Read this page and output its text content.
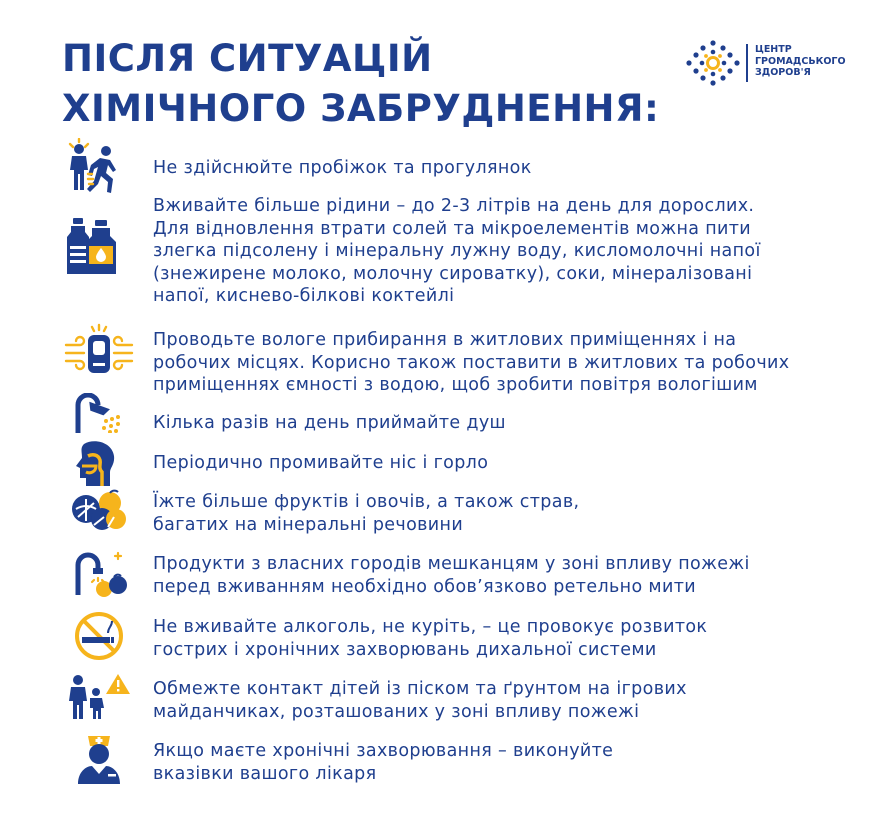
ПІСЛЯ СИТУАЦІЙ
ХІМІЧНОГО ЗАБРУДНЕННЯ:
ЦЕНТР
ГРОМАДСЬКОГО
ЗДОРОВ'Я
Не здійснюйте пробіжок та прогулянок
Вживайте більше рідини – до 2-3 літрів на день для дорослих.
Для відновлення втрати солей та мікроелементів можна пити
злегка підсолену і мінеральну лужну воду, кисломолочні напої
(знежирене молоко, молочну сироватку), соки, мінералізовані
напої, киснево-білкові коктейлі
Проводьте вологе прибирання в житлових приміщеннях і на
робочих місцях. Корисно також поставити в житлових та робочих
приміщеннях ємності з водою, щоб зробити повітря вологішим
Кілька разів на день приймайте душ
Періодично промивайте ніс і горло
Їжте більше фруктів і овочів, а також страв,
багатих на мінеральні речовини
Продукти з власних городів мешканцям у зоні впливу пожежі
перед вживанням необхідно обов’язково ретельно мити
Не вживайте алкоголь, не куріть, – це провокує розвиток
гострих і хронічних захворювань дихальної системи
Обмежте контакт дітей із піском та ґрунтом на ігрових
майданчиках, розташованих у зоні впливу пожежі
Якщо маєте хронічні захворювання – виконуйте
вказівки вашого лікаря
